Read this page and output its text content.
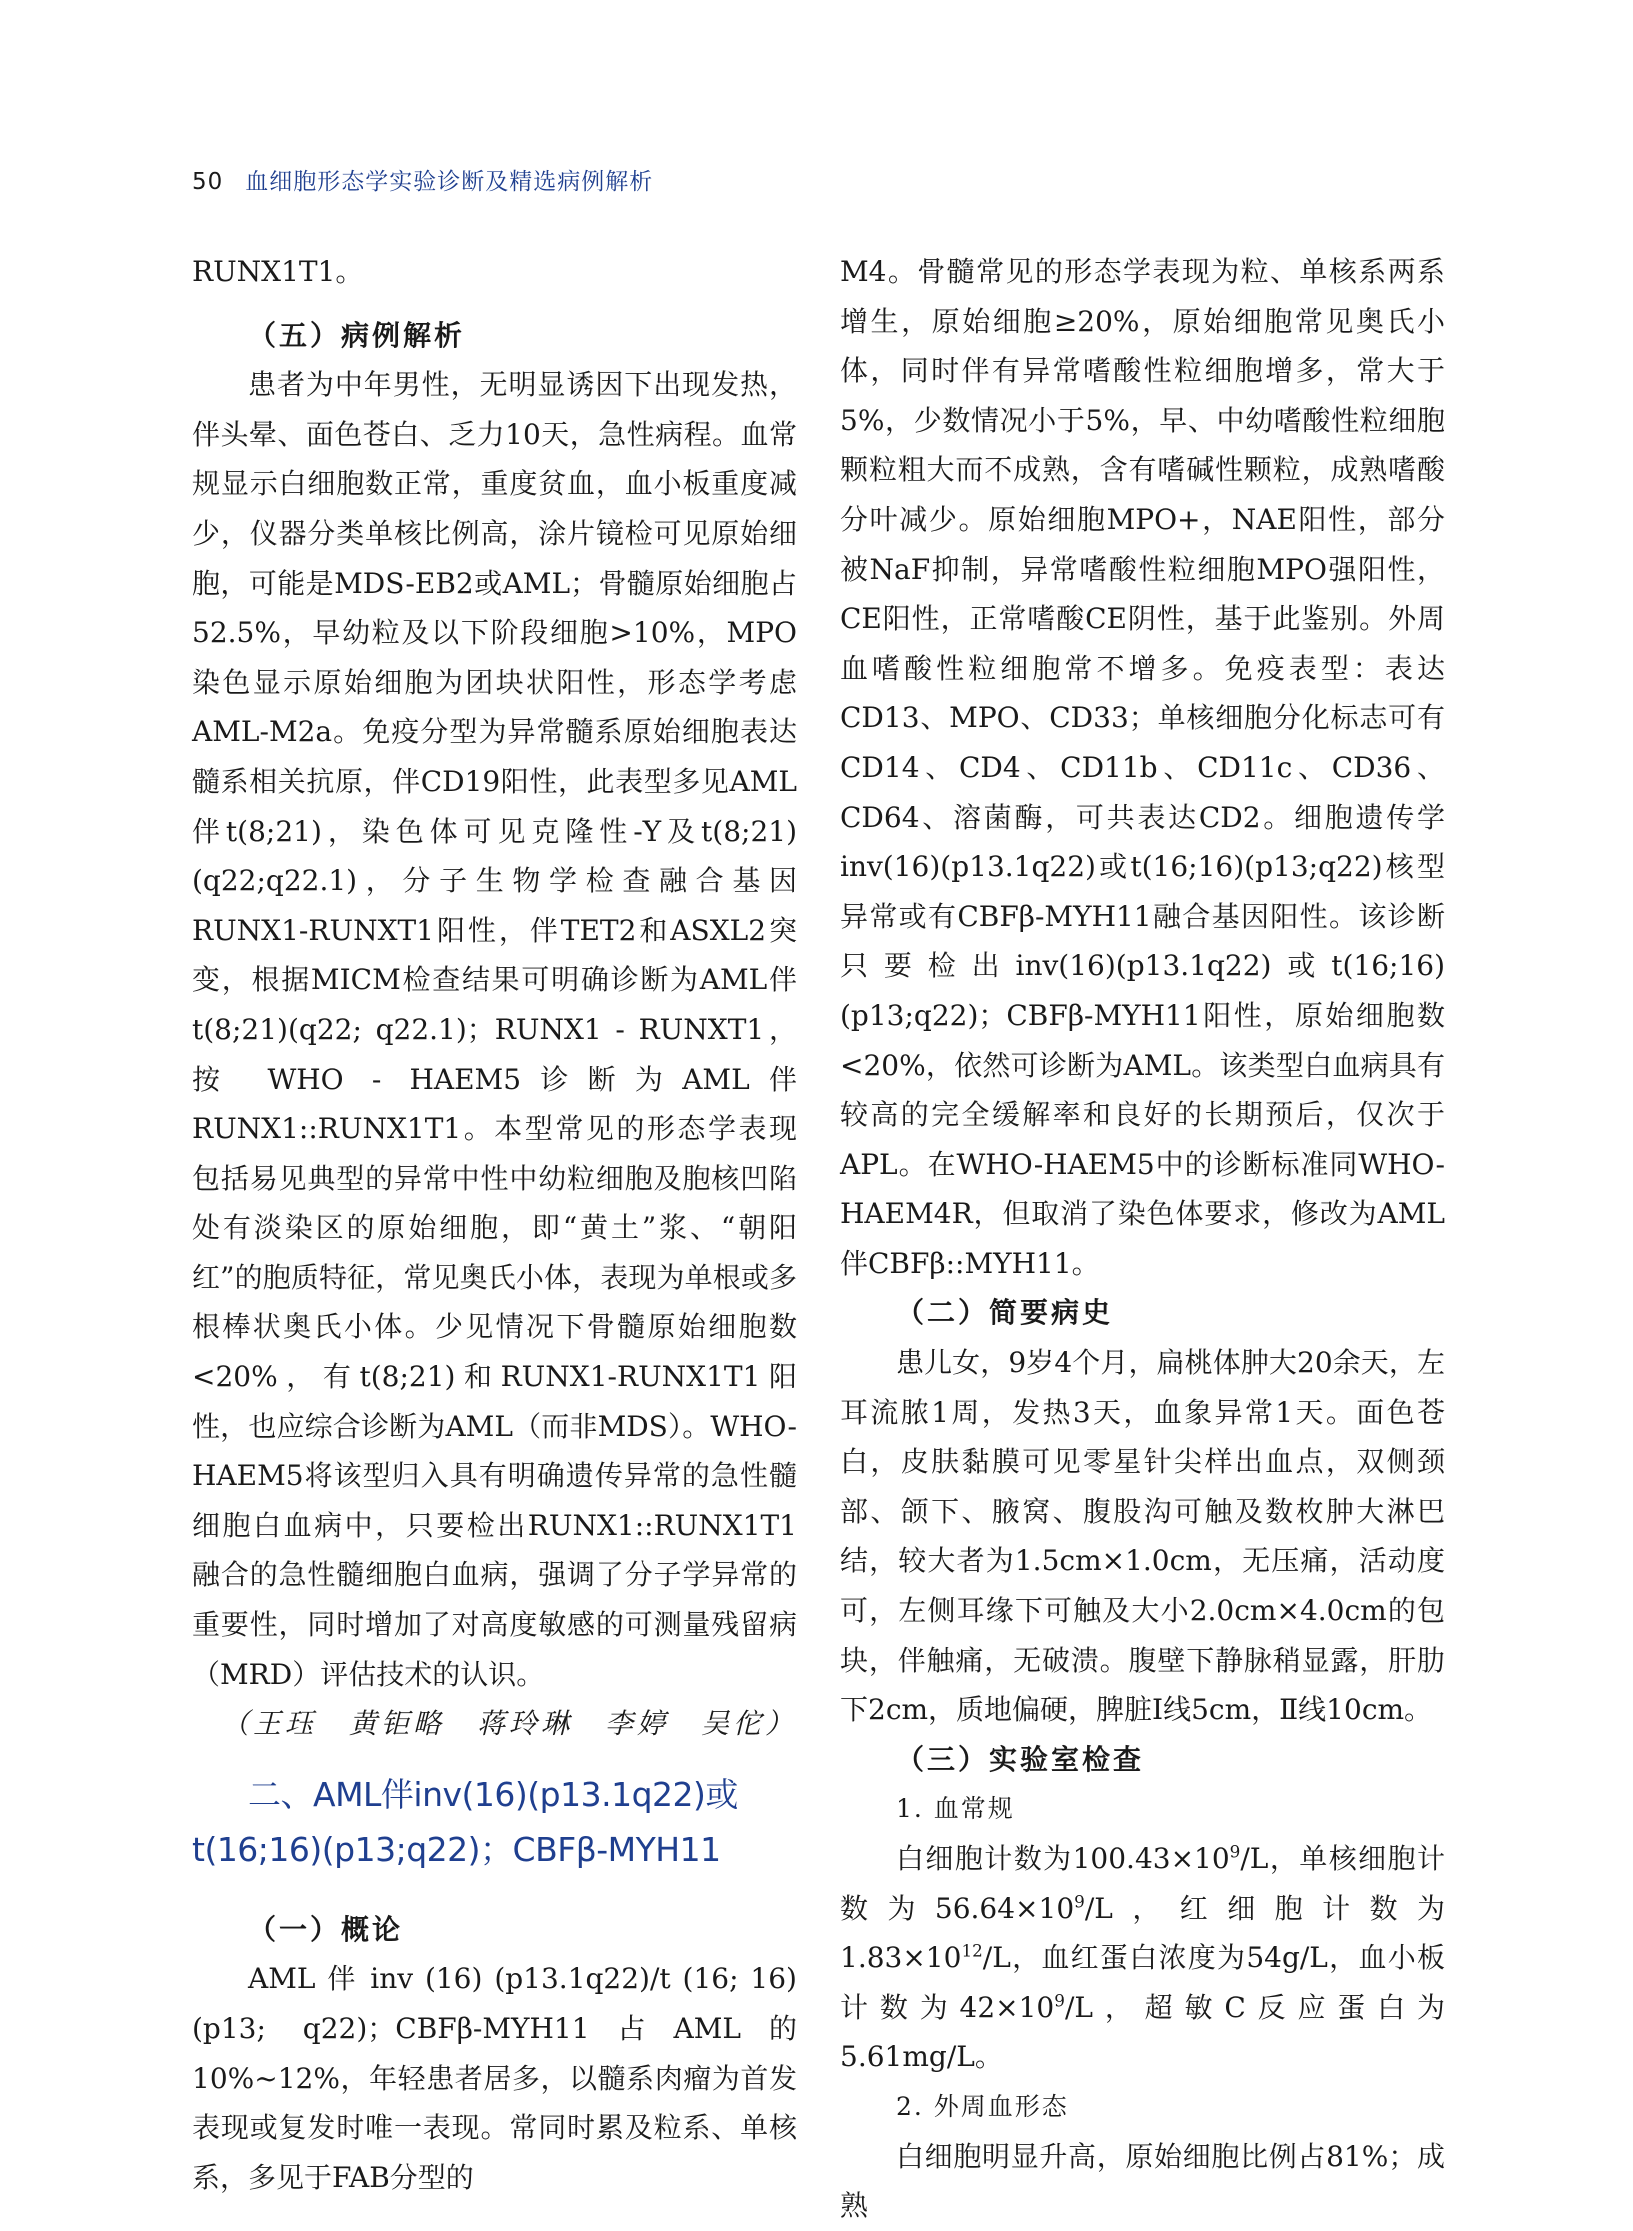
50 血细胞形态学实验诊断及精选病例解析

RUNX1T1。

（五）病例解析

患者为中年男性，无明显诱因下出现发热，伴头晕、面色苍白、乏力10天，急性病程。血常规显示白细胞数正常，重度贫血，血小板重度减少，仪器分类单核比例高，涂片镜检可见原始细胞，可能是MDS-EB2或AML；骨髓原始细胞占52.5%，早幼粒及以下阶段细胞>10%，MPO染色显示原始细胞为团块状阳性，形态学考虑AML-M2a。免疫分型为异常髓系原始细胞表达髓系相关抗原，伴CD19阳性，此表型多见AML伴t(8;21)，染色体可见克隆性-Y及t(8;21)(q22;q22.1)，分子生物学检查融合基因RUNX1-RUNXT1阳性，伴TET2和ASXL2突变，根据MICM检查结果可明确诊断为AML伴t(8;21)(q22; q22.1)；RUNX1 - RUNXT1，按 WHO - HAEM5诊断为AML伴RUNX1::RUNX1T1。本型常见的形态学表现包括易见典型的异常中性中幼粒细胞及胞核凹陷处有淡染区的原始细胞，即“黄土”浆、“朝阳红”的胞质特征，常见奥氏小体，表现为单根或多根棒状奥氏小体。少见情况下骨髓原始细胞数<20%，有t(8;21)和RUNX1-RUNX1T1阳性，也应综合诊断为AML（而非MDS）。WHO-HAEM5将该型归入具有明确遗传异常的急性髓细胞白血病中，只要检出RUNX1::RUNX1T1融合的急性髓细胞白血病，强调了分子学异常的重要性，同时增加了对高度敏感的可测量残留病（MRD）评估技术的认识。

（王珏　黄钜略　蒋玲琳　李婷　吴佗）

二、AML伴inv(16)(p13.1q22)或t(16;16)(p13;q22)；CBFβ-MYH11

（一）概论

AML 伴 inv (16) (p13.1q22)/t (16; 16) (p13; q22)；CBFβ-MYH11占AML的10%~12%，年轻患者居多，以髓系肉瘤为首发表现或复发时唯一表现。常同时累及粒系、单核系，多见于FAB分型的

M4。骨髓常见的形态学表现为粒、单核系两系增生，原始细胞≥20%，原始细胞常见奥氏小体，同时伴有异常嗜酸性粒细胞增多，常大于5%，少数情况小于5%，早、中幼嗜酸性粒细胞颗粒粗大而不成熟，含有嗜碱性颗粒，成熟嗜酸分叶减少。原始细胞MPO+，NAE阳性，部分被NaF抑制，异常嗜酸性粒细胞MPO强阳性，CE阳性，正常嗜酸CE阴性，基于此鉴别。外周血嗜酸性粒细胞常不增多。免疫表型：表达CD13、MPO、CD33；单核细胞分化标志可有CD14、CD4、CD11b、CD11c、CD36、CD64、溶菌酶，可共表达CD2。细胞遗传学inv(16)(p13.1q22)或t(16;16)(p13;q22)核型异常或有CBFβ-MYH11融合基因阳性。该诊断只要检出inv(16)(p13.1q22)或t(16;16)(p13;q22)；CBFβ-MYH11阳性，原始细胞数<20%，依然可诊断为AML。该类型白血病具有较高的完全缓解率和良好的长期预后，仅次于APL。在WHO-HAEM5中的诊断标准同WHO-HAEM4R，但取消了染色体要求，修改为AML伴CBFβ::MYH11。

（二）简要病史

患儿女，9岁4个月，扁桃体肿大20余天，左耳流脓1周，发热3天，血象异常1天。面色苍白，皮肤黏膜可见零星针尖样出血点，双侧颈部、颌下、腋窝、腹股沟可触及数枚肿大淋巴结，较大者为1.5cm×1.0cm，无压痛，活动度可，左侧耳缘下可触及大小2.0cm×4.0cm的包块，伴触痛，无破溃。腹壁下静脉稍显露，肝肋下2cm，质地偏硬，脾脏Ⅰ线5cm，Ⅱ线10cm。

（三）实验室检查

1. 血常规

白细胞计数为$100.43\times 10^9/L$，单核细胞计数为$56.64\times 10^9/L$，红细胞计数为$1.83\times 10^{12}/L$，血红蛋白浓度为54g/L，血小板计数为$42\times 10^9/L$，超敏C反应蛋白为5.61mg/L。

2. 外周血形态

白细胞明显升高，原始细胞比例占81%；成熟
